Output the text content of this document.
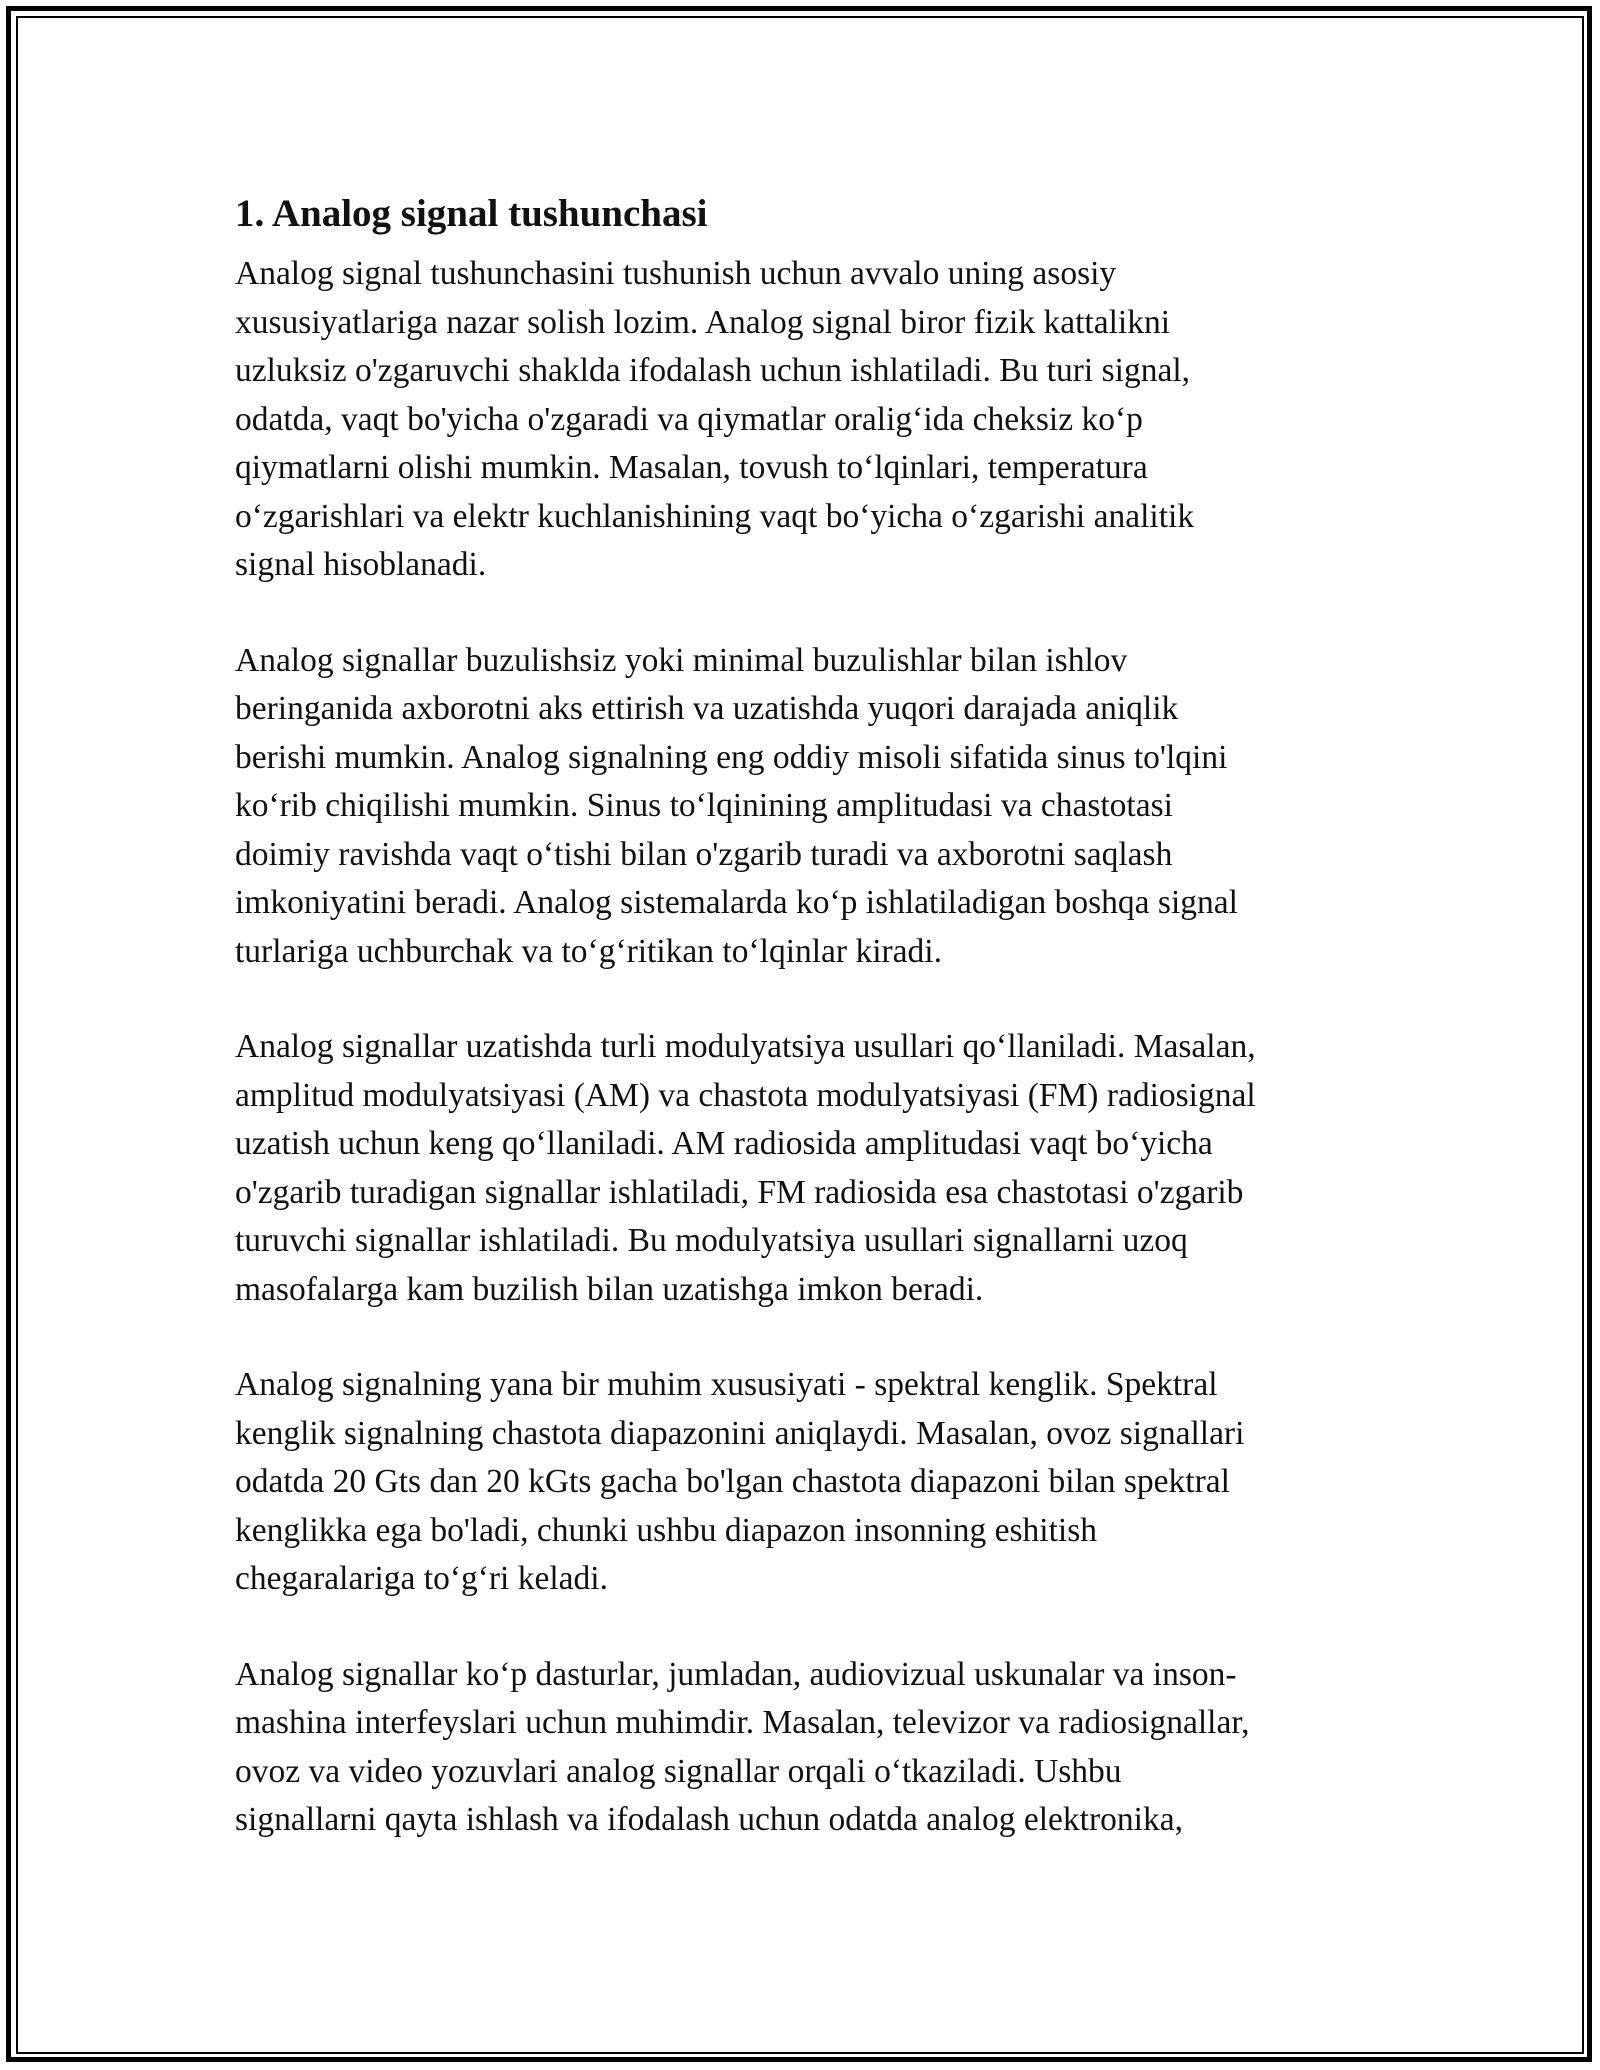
1. Analog signal tushunchasi

Analog signal tushunchasini tushunish uchun avvalo uning asosiy
xususiyatlariga nazar solish lozim. Analog signal biror fizik kattalikni
uzluksiz o'zgaruvchi shaklda ifodalash uchun ishlatiladi. Bu turi signal,
odatda, vaqt bo'yicha o'zgaradi va qiymatlar oralig‘ida cheksiz ko‘p
qiymatlarni olishi mumkin. Masalan, tovush to‘lqinlari, temperatura
o‘zgarishlari va elektr kuchlanishining vaqt bo‘yicha o‘zgarishi analitik
signal hisoblanadi.

Analog signallar buzulishsiz yoki minimal buzulishlar bilan ishlov
beringanida axborotni aks ettirish va uzatishda yuqori darajada aniqlik
berishi mumkin. Analog signalning eng oddiy misoli sifatida sinus to'lqini
ko‘rib chiqilishi mumkin. Sinus to‘lqinining amplitudasi va chastotasi
doimiy ravishda vaqt o‘tishi bilan o'zgarib turadi va axborotni saqlash
imkoniyatini beradi. Analog sistemalarda ko‘p ishlatiladigan boshqa signal
turlariga uchburchak va to‘g‘ritikan to‘lqinlar kiradi.

Analog signallar uzatishda turli modulyatsiya usullari qo‘llaniladi. Masalan,
amplitud modulyatsiyasi (AM) va chastota modulyatsiyasi (FM) radiosignal
uzatish uchun keng qo‘llaniladi. AM radiosida amplitudasi vaqt bo‘yicha
o'zgarib turadigan signallar ishlatiladi, FM radiosida esa chastotasi o'zgarib
turuvchi signallar ishlatiladi. Bu modulyatsiya usullari signallarni uzoq
masofalarga kam buzilish bilan uzatishga imkon beradi.

Analog signalning yana bir muhim xususiyati - spektral kenglik. Spektral
kenglik signalning chastota diapazonini aniqlaydi. Masalan, ovoz signallari
odatda 20 Gts dan 20 kGts gacha bo'lgan chastota diapazoni bilan spektral
kenglikka ega bo'ladi, chunki ushbu diapazon insonning eshitish
chegaralariga to‘g‘ri keladi.

Analog signallar ko‘p dasturlar, jumladan, audiovizual uskunalar va inson-
mashina interfeyslari uchun muhimdir. Masalan, televizor va radiosignallar,
ovoz va video yozuvlari analog signallar orqali o‘tkaziladi. Ushbu
signallarni qayta ishlash va ifodalash uchun odatda analog elektronika,
